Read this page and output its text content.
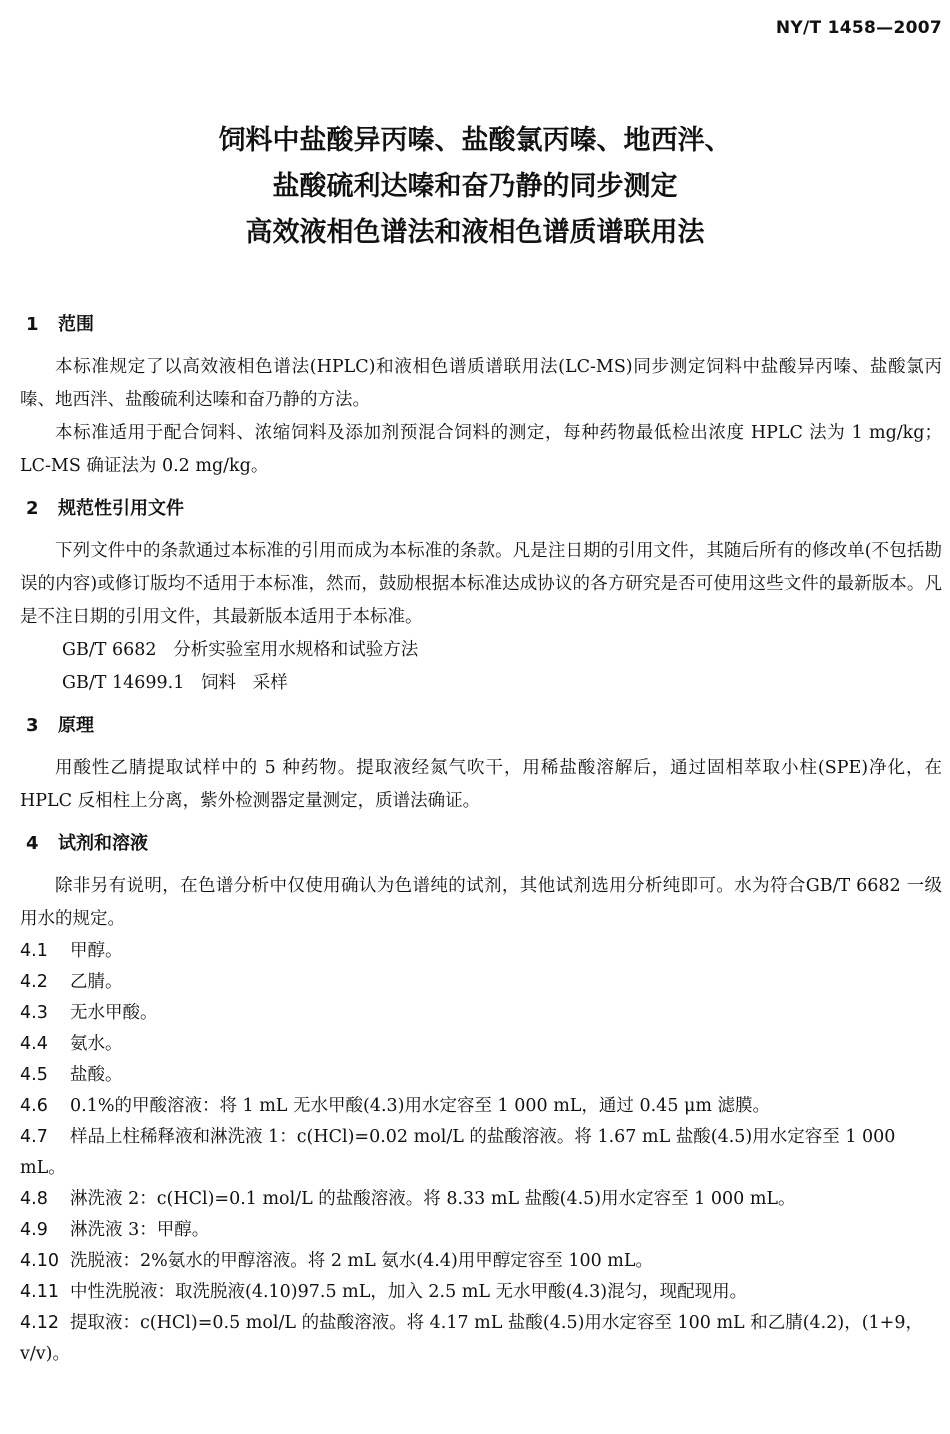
NY/T 1458—2007
饲料中盐酸异丙嗪、盐酸氯丙嗪、地西泮、
盐酸硫利达嗪和奋乃静的同步测定
高效液相色谱法和液相色谱质谱联用法
1 范围

本标准规定了以高效液相色谱法(HPLC)和液相色谱质谱联用法(LC-MS)同步测定饲料中盐酸异丙嗪、盐酸氯丙嗪、地西泮、盐酸硫利达嗪和奋乃静的方法。

本标准适用于配合饲料、浓缩饲料及添加剂预混合饲料的测定，每种药物最低检出浓度 HPLC 法为 1 mg/kg；LC-MS 确证法为 0.2 mg/kg。

2 规范性引用文件

下列文件中的条款通过本标准的引用而成为本标准的条款。凡是注日期的引用文件，其随后所有的修改单(不包括勘误的内容)或修订版均不适用于本标准，然而，鼓励根据本标准达成协议的各方研究是否可使用这些文件的最新版本。凡是不注日期的引用文件，其最新版本适用于本标准。

GB/T 6682   分析实验室用水规格和试验方法
GB/T 14699.1   饲料   采样
3 原理

用酸性乙腈提取试样中的 5 种药物。提取液经氮气吹干，用稀盐酸溶解后，通过固相萃取小柱(SPE)净化，在 HPLC 反相柱上分离，紫外检测器定量测定，质谱法确证。

4 试剂和溶液

除非另有说明，在色谱分析中仅使用确认为色谱纯的试剂，其他试剂选用分析纯即可。水为符合GB/T 6682 一级用水的规定。

4.1 甲醇。
4.2 乙腈。
4.3 无水甲酸。
4.4 氨水。
4.5 盐酸。
4.6 0.1%的甲酸溶液：将 1 mL 无水甲酸(4.3)用水定容至 1 000 mL，通过 0.45 μm 滤膜。
4.7 样品上柱稀释液和淋洗液 1：c(HCl)=0.02 mol/L 的盐酸溶液。将 1.67 mL 盐酸(4.5)用水定容至 1 000 mL。
4.8 淋洗液 2：c(HCl)=0.1 mol/L 的盐酸溶液。将 8.33 mL 盐酸(4.5)用水定容至 1 000 mL。
4.9 淋洗液 3：甲醇。
4.10 洗脱液：2%氨水的甲醇溶液。将 2 mL 氨水(4.4)用甲醇定容至 100 mL。
4.11 中性洗脱液：取洗脱液(4.10)97.5 mL，加入 2.5 mL 无水甲酸(4.3)混匀，现配现用。
4.12 提取液：c(HCl)=0.5 mol/L 的盐酸溶液。将 4.17 mL 盐酸(4.5)用水定容至 100 mL 和乙腈(4.2)，(1+9，v/v)。
